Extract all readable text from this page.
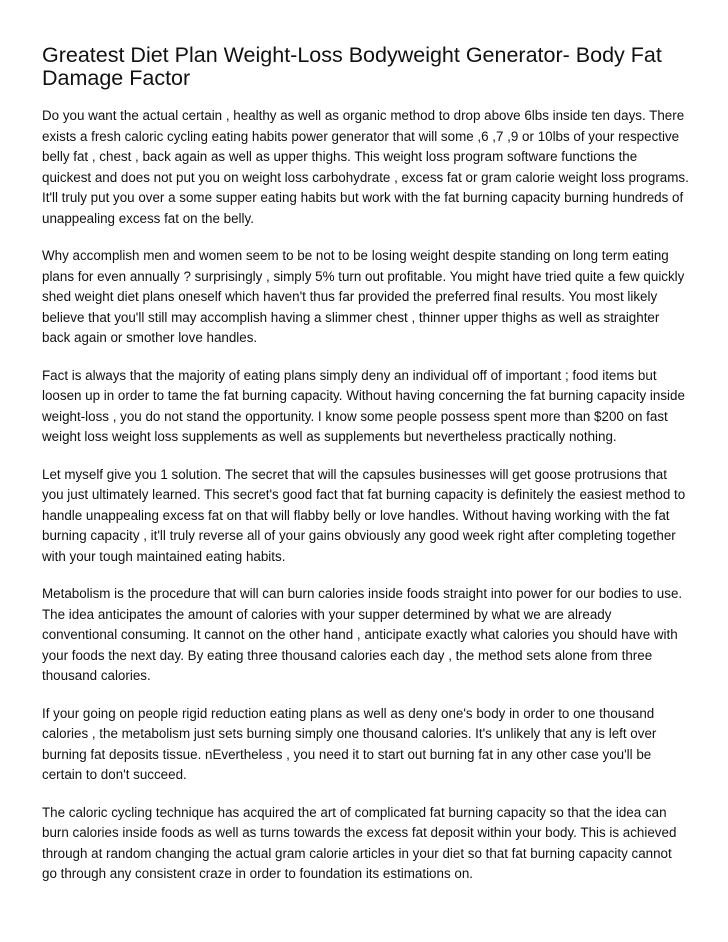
Greatest Diet Plan Weight-Loss Bodyweight Generator- Body Fat Damage Factor

Do you want the actual certain , healthy as well as organic method to drop above 6lbs inside ten days. There exists a fresh caloric cycling eating habits power generator that will some ,6 ,7 ,9 or 10lbs of your respective belly fat , chest , back again as well as upper thighs. This weight loss program software functions the quickest and does not put you on weight loss carbohydrate , excess fat or gram calorie weight loss programs. It'll truly put you over a some supper eating habits but work with the fat burning capacity burning hundreds of unappealing excess fat on the belly.

Why accomplish men and women seem to be not to be losing weight despite standing on long term eating plans for even annually ? surprisingly , simply 5% turn out profitable. You might have tried quite a few quickly shed weight diet plans oneself which haven't thus far provided the preferred final results. You most likely believe that you'll still may accomplish having a slimmer chest , thinner upper thighs as well as straighter back again or smother love handles.

Fact is always that the majority of eating plans simply deny an individual off of important ; food items but loosen up in order to tame the fat burning capacity. Without having concerning the fat burning capacity inside weight-loss , you do not stand the opportunity. I know some people possess spent more than $200 on fast weight loss weight loss supplements as well as supplements but nevertheless practically nothing.

Let myself give you 1 solution. The secret that will the capsules businesses will get goose protrusions that you just ultimately learned. This secret's good fact that fat burning capacity is definitely the easiest method to handle unappealing excess fat on that will flabby belly or love handles. Without having working with the fat burning capacity , it'll truly reverse all of your gains obviously any good week right after completing together with your tough maintained eating habits.

Metabolism is the procedure that will can burn calories inside foods straight into power for our bodies to use. The idea anticipates the amount of calories with your supper determined by what we are already conventional consuming. It cannot on the other hand , anticipate exactly what calories you should have with your foods the next day. By eating three thousand calories each day , the method sets alone from three thousand calories.

If your going on people rigid reduction eating plans as well as deny one's body in order to one thousand calories , the metabolism just sets burning simply one thousand calories. It's unlikely that any is left over burning fat deposits tissue. nEvertheless , you need it to start out burning fat in any other case you'll be certain to don't succeed.

The caloric cycling technique has acquired the art of complicated fat burning capacity so that the idea can burn calories inside foods as well as turns towards the excess fat deposit within your body. This is achieved through at random changing the actual gram calorie articles in your diet so that fat burning capacity cannot go through any consistent craze in order to foundation its estimations on.
